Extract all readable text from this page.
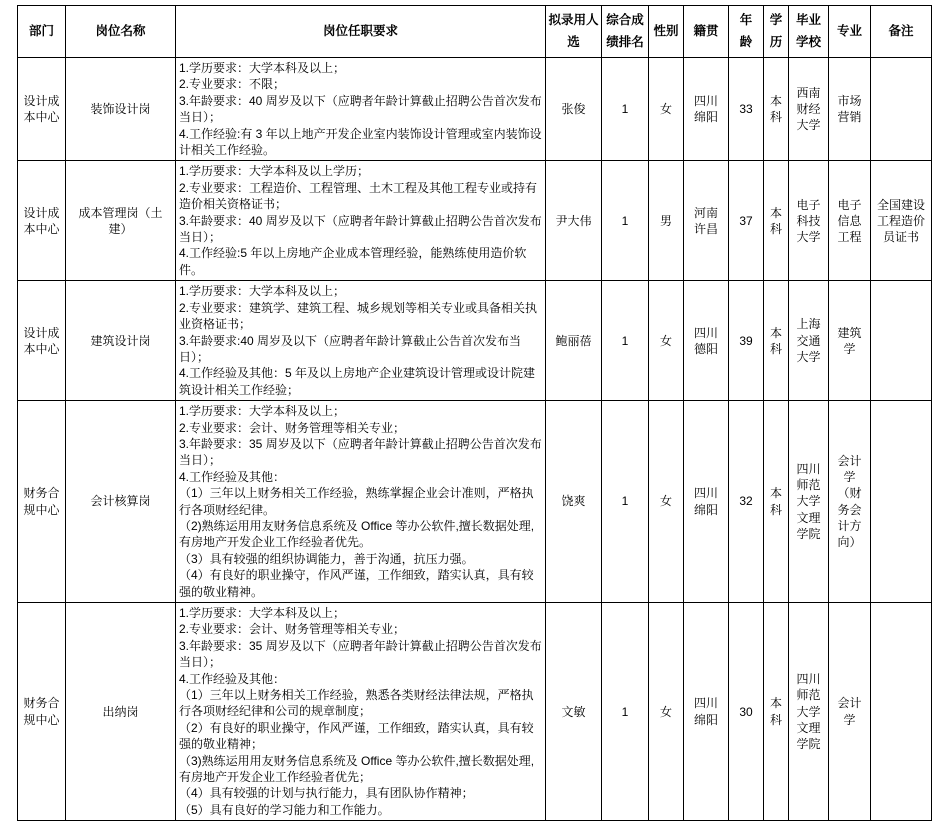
部门	岗位名称	岗位任职要求	拟录用人选	综合成绩排名	性别	籍贯	年龄	学历	毕业学校	专业	备注
设计成本中心	装饰设计岗	1.学历要求：大学本科及以上；
2.专业要求：不限；
3.年龄要求：40 周岁及以下（应聘者年龄计算截止招聘公告首次发布当日）；
4.工作经验:有 3 年以上地产开发企业室内装饰设计管理或室内装饰设计相关工作经验。	张俊	1	女	四川绵阳	33	本科	西南财经大学	市场营销	
设计成本中心	成本管理岗（土建）	1.学历要求：大学本科及以上学历；
2.专业要求：工程造价、工程管理、土木工程及其他工程专业或持有造价相关资格证书；
3.年龄要求：40 周岁及以下（应聘者年龄计算截止招聘公告首次发布当日）；
4.工作经验:5 年以上房地产企业成本管理经验，能熟练使用造价软件。	尹大伟	1	男	河南许昌	37	本科	电子科技大学	电子信息工程	全国建设工程造价员证书
设计成本中心	建筑设计岗	1.学历要求：大学本科及以上；
2.专业要求：建筑学、建筑工程、城乡规划等相关专业或具备相关执业资格证书；
3.年龄要求:40 周岁及以下（应聘者年龄计算截止公告首次发布当日）；
4.工作经验及其他：5 年及以上房地产企业建筑设计管理或设计院建筑设计相关工作经验；	鲍丽蓓	1	女	四川德阳	39	本科	上海交通大学	建筑学	
财务合规中心	会计核算岗	
1.学历要求：大学本科及以上；
2.专业要求：会计、财务管理等相关专业；
3.年龄要求：35 周岁及以下（应聘者年龄计算截止招聘公告首次发布当日）；
4.工作经验及其他：
（1）三年以上财务相关工作经验，熟练掌握企业会计准则，严格执行各项财经纪律。
（2)熟练运用用友财务信息系统及 Office 等办公软件,擅长数据处理,有房地产开发企业工作经验者优先。
（3）具有较强的组织协调能力，善于沟通，抗压力强。
（4）有良好的职业操守，作风严谨，工作细致，踏实认真，具有较强的敬业精神。
	饶爽	1	女	四川绵阳	32	本科	四川师范大学文理学院	会计学（财务会计方向）	
财务合规中心	出纳岗	
1.学历要求：大学本科及以上；
2.专业要求：会计、财务管理等相关专业；
3.年龄要求：35 周岁及以下（应聘者年龄计算截止招聘公告首次发布当日）；
4.工作经验及其他：
（1）三年以上财务相关工作经验，熟悉各类财经法律法规，严格执行各项财经纪律和公司的规章制度；
（2）有良好的职业操守，作风严谨，工作细致，踏实认真，具有较强的敬业精神；
（3)熟练运用用友财务信息系统及 Office 等办公软件,擅长数据处理,有房地产开发企业工作经验者优先；
（4）具有较强的计划与执行能力，具有团队协作精神；
（5）具有良好的学习能力和工作能力。
	文敏	1	女	四川绵阳	30	本科	四川师范大学文理学院	会计学	
